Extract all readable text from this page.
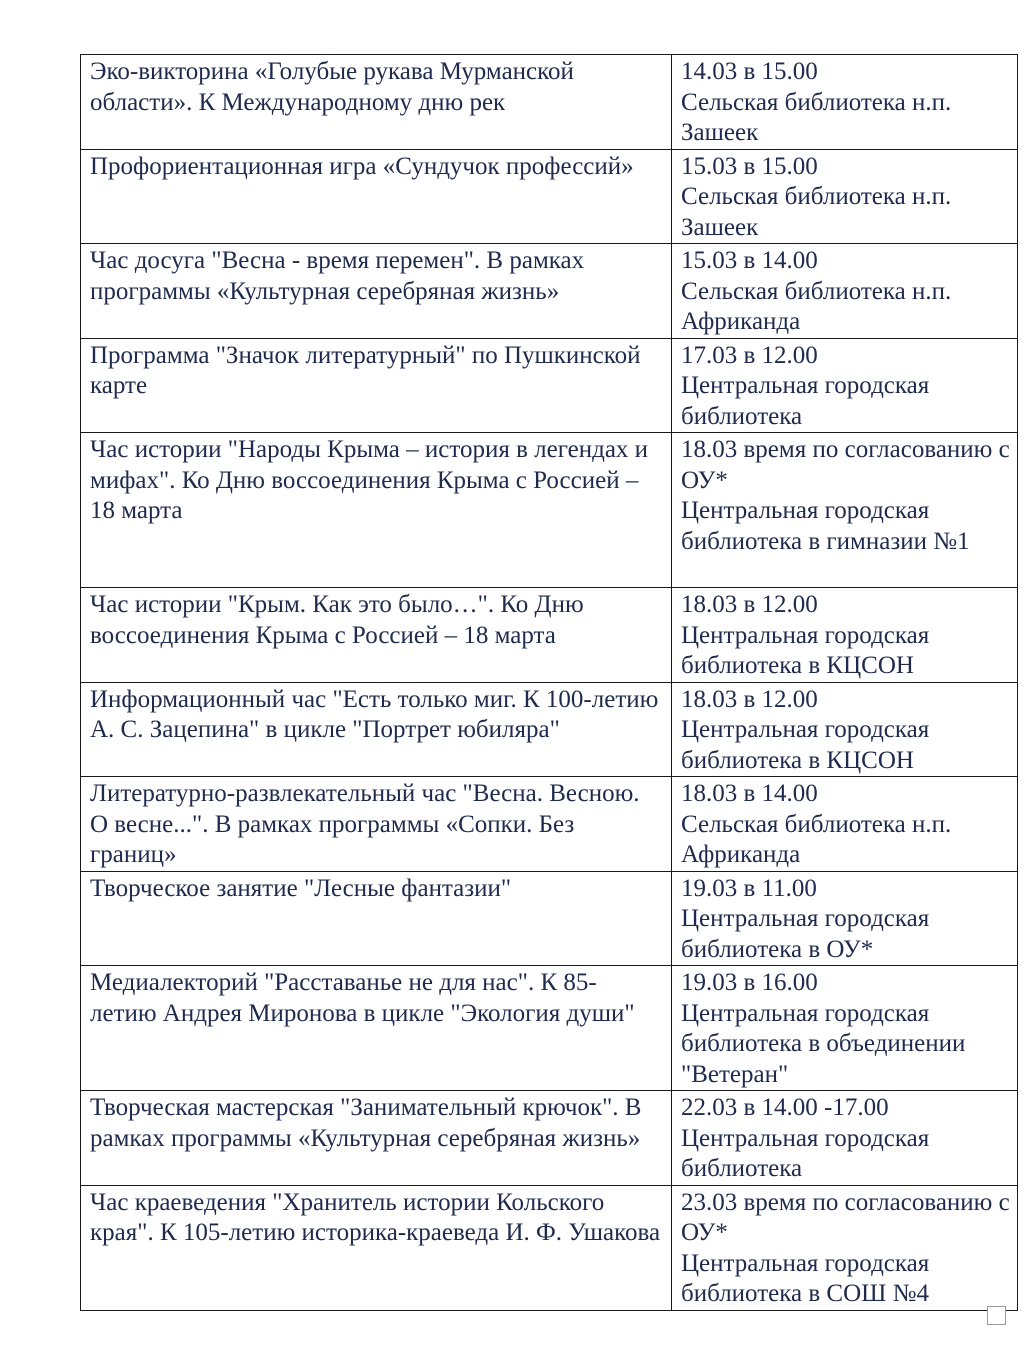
Эко-викторина «Голубые рукава Мурманской области». К Международному дню рек	14.03 в 15.00
Сельская библиотека н.п. Зашеек
Профориентационная игра «Сундучок профессий»	15.03 в 15.00
Сельская библиотека н.п. Зашеек
Час досуга "Весна - время перемен". В рамках программы «Культурная серебряная жизнь»	15.03 в 14.00
Сельская библиотека н.п. Африканда
Программа "Значок литературный" по Пушкинской карте	17.03 в 12.00
Центральная городская библиотека
Час истории "Народы Крыма – история в легендах и мифах". Ко Дню воссоединения Крыма с Россией – 18 марта	18.03 время по согласованию с ОУ*
Центральная городская библиотека в гимназии №1
Час истории "Крым. Как это было…". Ко Дню воссоединения Крыма с Россией – 18 марта	18.03 в 12.00
Центральная городская библиотека в КЦСОН
Информационный час "Есть только миг. К 100-летию А. С. Зацепина" в цикле "Портрет юбиляра"	18.03 в 12.00
Центральная городская библиотека в КЦСОН
Литературно-развлекательный час "Весна. Весною. О весне...". В рамках программы «Сопки. Без границ»	18.03 в 14.00
Сельская библиотека н.п. Африканда
Творческое занятие "Лесные фантазии"	19.03 в 11.00
Центральная городская библиотека в ОУ*
Медиалекторий "Расставанье не для нас". К 85-летию Андрея Миронова в цикле "Экология души"	19.03 в 16.00
Центральная городская библиотека в объединении "Ветеран"
Творческая мастерская "Занимательный крючок". В рамках программы «Культурная серебряная жизнь»	22.03 в 14.00 -17.00
Центральная городская библиотека
Час краеведения "Хранитель истории Кольского края". К 105-летию историка-краеведа И. Ф. Ушакова	23.03 время по согласованию с ОУ*
Центральная городская библиотека в СОШ №4
